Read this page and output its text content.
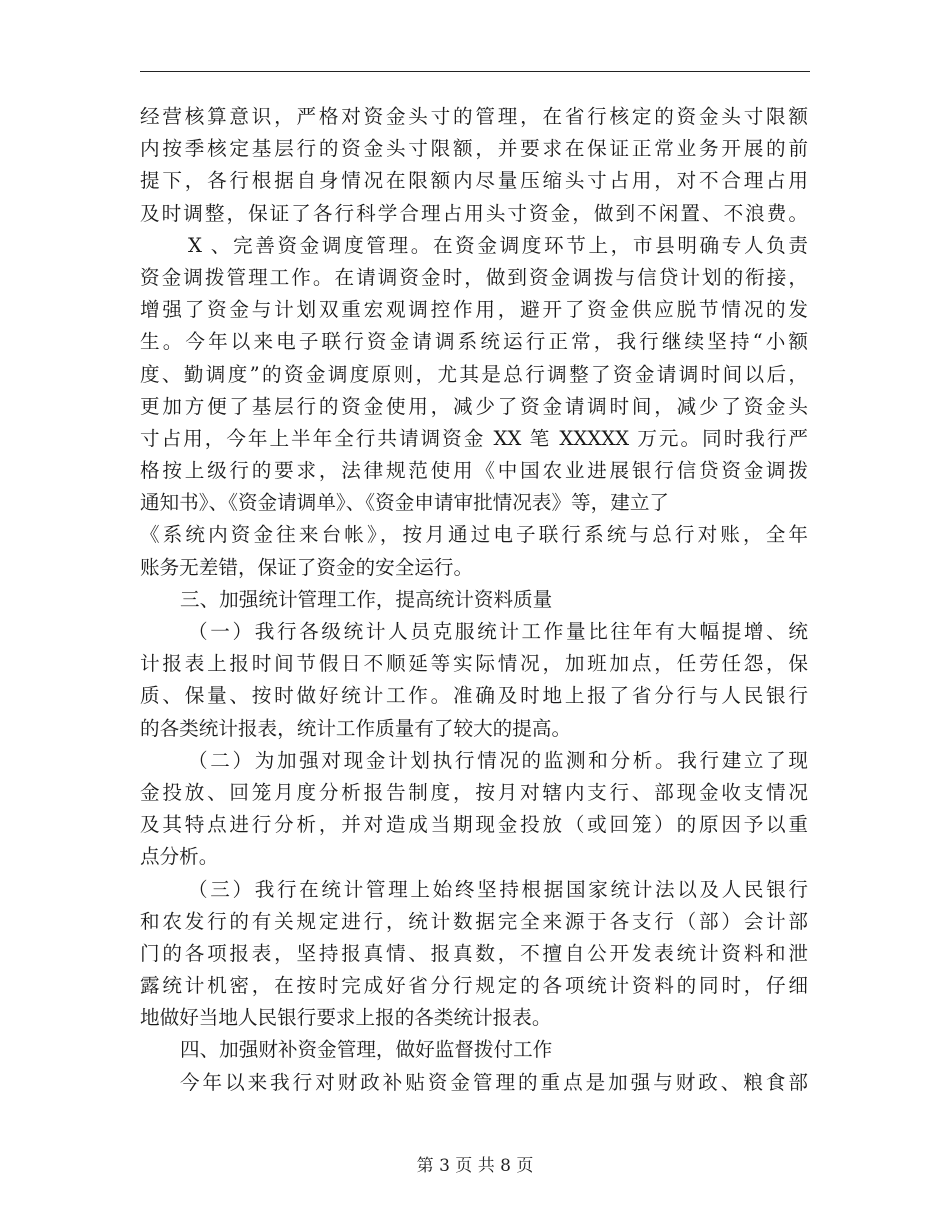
经营核算意识，严格对资金头寸的管理，在省行核定的资金头寸限额
内按季核定基层行的资金头寸限额，并要求在保证正常业务开展的前
提下，各行根据自身情况在限额内尽量压缩头寸占用，对不合理占用
及时调整，保证了各行科学合理占用头寸资金，做到不闲置、不浪费。
X 、完善资金调度管理。在资金调度环节上，市县明确专人负责
资金调拨管理工作。在请调资金时，做到资金调拨与信贷计划的衔接，
增强了资金与计划双重宏观调控作用，避开了资金供应脱节情况的发
生。今年以来电子联行资金请调系统运行正常，我行继续坚持“小额
度、勤调度”的资金调度原则，尤其是总行调整了资金请调时间以后，
更加方便了基层行的资金使用，减少了资金请调时间，减少了资金头
寸占用，今年上半年全行共请调资金 XX 笔 XXXXX 万元。同时我行严
格按上级行的要求，法律规范使用《中国农业进展银行信贷资金调拨
通知书》、《资金请调单》、《资金申请审批情况表》等，建立了
《系统内资金往来台帐》，按月通过电子联行系统与总行对账，全年
账务无差错，保证了资金的安全运行。
三、加强统计管理工作，提高统计资料质量
（一）我行各级统计人员克服统计工作量比往年有大幅提增、统
计报表上报时间节假日不顺延等实际情况，加班加点，任劳任怨，保
质、保量、按时做好统计工作。准确及时地上报了省分行与人民银行
的各类统计报表，统计工作质量有了较大的提高。
（二）为加强对现金计划执行情况的监测和分析。我行建立了现
金投放、回笼月度分析报告制度，按月对辖内支行、部现金收支情况
及其特点进行分析，并对造成当期现金投放（或回笼）的原因予以重
点分析。
（三）我行在统计管理上始终坚持根据国家统计法以及人民银行
和农发行的有关规定进行，统计数据完全来源于各支行（部）会计部
门的各项报表，坚持报真情、报真数，不擅自公开发表统计资料和泄
露统计机密，在按时完成好省分行规定的各项统计资料的同时，仔细
地做好当地人民银行要求上报的各类统计报表。
四、加强财补资金管理，做好监督拨付工作
今年以来我行对财政补贴资金管理的重点是加强与财政、粮食部
第 3 页 共 8 页
